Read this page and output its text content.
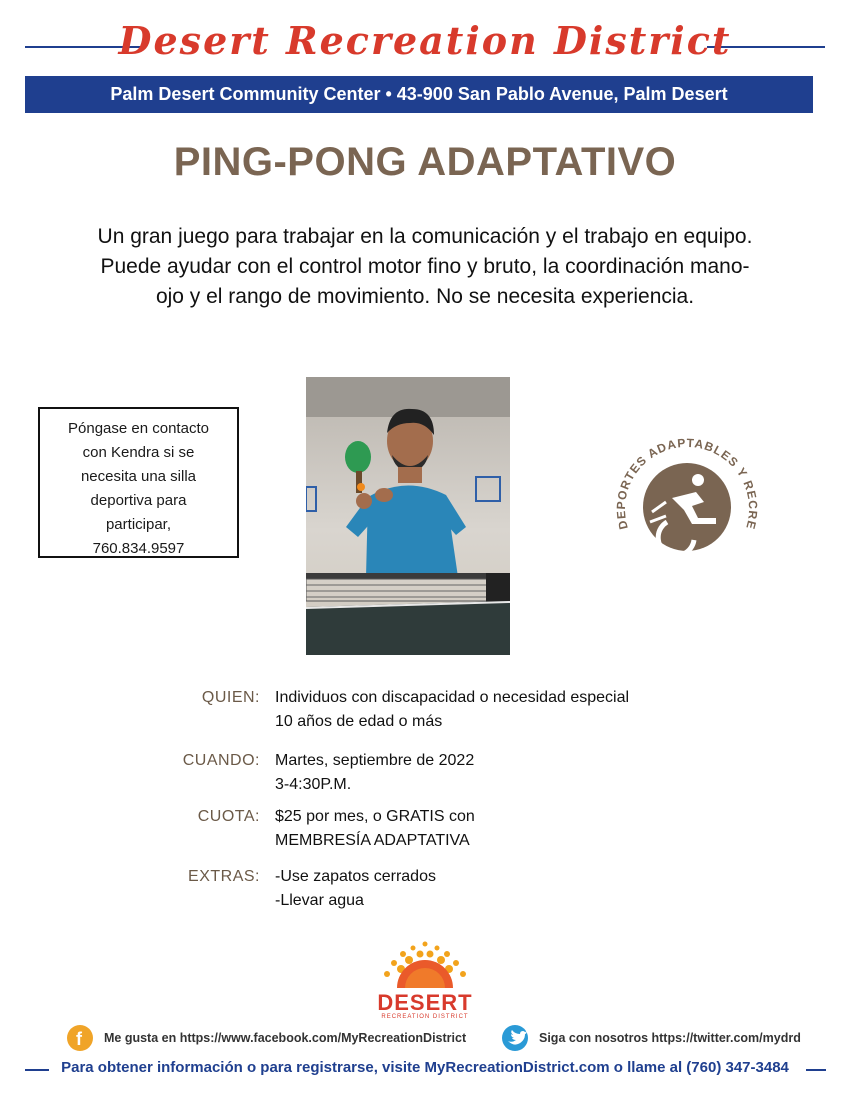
Desert Recreation District
Palm Desert Community Center • 43-900 San Pablo Avenue, Palm Desert
PING-PONG ADAPTATIVO
Un gran juego para trabajar en la comunicación y el trabajo en equipo. Puede ayudar con el control motor fino y bruto, la coordinación mano-ojo y el rango de movimiento. No se necesita experiencia.
Póngase en contacto
con Kendra si se
necesita una silla
deportiva para
participar,
760.834.9597
DEPORTES ADAPTABLES Y RECRE
QUIEN: Individuos con discapacidad o necesidad especial
10 años de edad o más
CUANDO: Martes, septiembre de 2022
3-4:30P.M.
CUOTA: $25 por mes, o GRATIS con
MEMBRESÍA ADAPTATIVA
EXTRAS: -Use zapatos cerrados
-Llevar agua
DESERT
RECREATION DISTRICT
f Me gusta en https://www.facebook.com/MyRecreationDistrict	Siga con nosotros https://twitter.com/mydrd
Para obtener información o para registrarse, visite MyRecreationDistrict.com o llame al (760) 347-3484
